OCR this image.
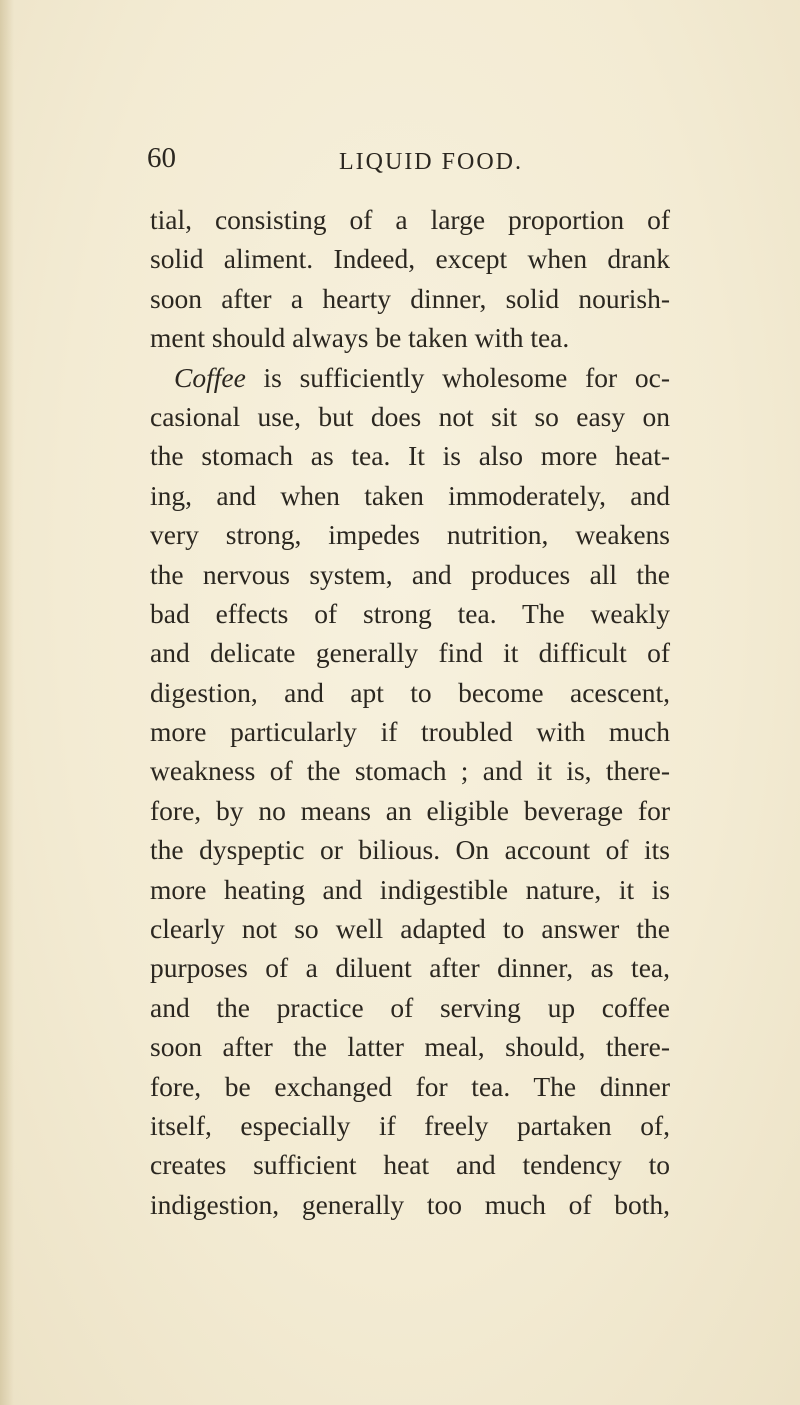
60	LIQUID FOOD.
tial, consisting of a large proportion of
solid aliment. Indeed, except when drank
soon after a hearty dinner, solid nourish-
ment should always be taken with tea.
Coffee is sufficiently wholesome for oc-
casional use, but does not sit so easy on
the stomach as tea. It is also more heat-
ing, and when taken immoderately, and
very strong, impedes nutrition, weakens
the nervous system, and produces all the
bad effects of strong tea. The weakly
and delicate generally find it difficult of
digestion, and apt to become acescent,
more particularly if troubled with much
weakness of the stomach ; and it is, there-
fore, by no means an eligible beverage for
the dyspeptic or bilious. On account of its
more heating and indigestible nature, it is
clearly not so well adapted to answer the
purposes of a diluent after dinner, as tea,
and the practice of serving up coffee
soon after the latter meal, should, there-
fore, be exchanged for tea. The dinner
itself, especially if freely partaken of,
creates sufficient heat and tendency to
indigestion, generally too much of both,
